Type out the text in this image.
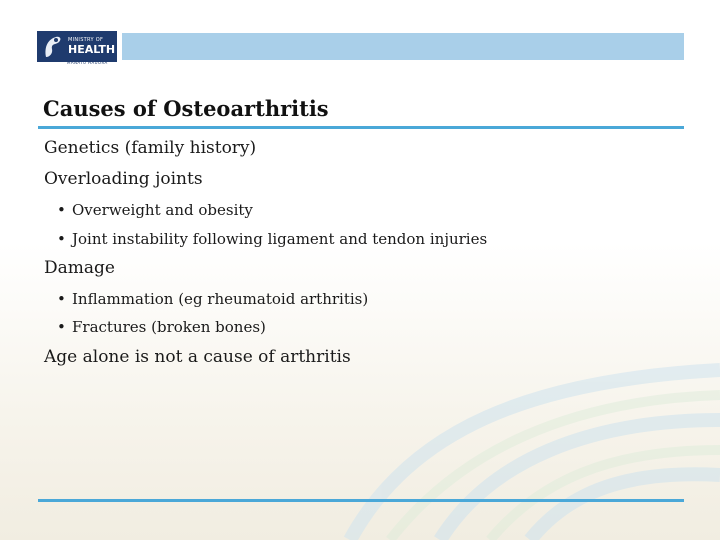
MINISTRY OF
HEALTH
MANATŪ HAUORA
Causes of Osteoarthritis

Genetics (family history)

Overloading joints

• Overweight and obesity

• Joint instability following ligament and tendon injuries

Damage

• Inflammation (eg rheumatoid arthritis)

• Fractures (broken bones)

Age alone is not a cause of arthritis
